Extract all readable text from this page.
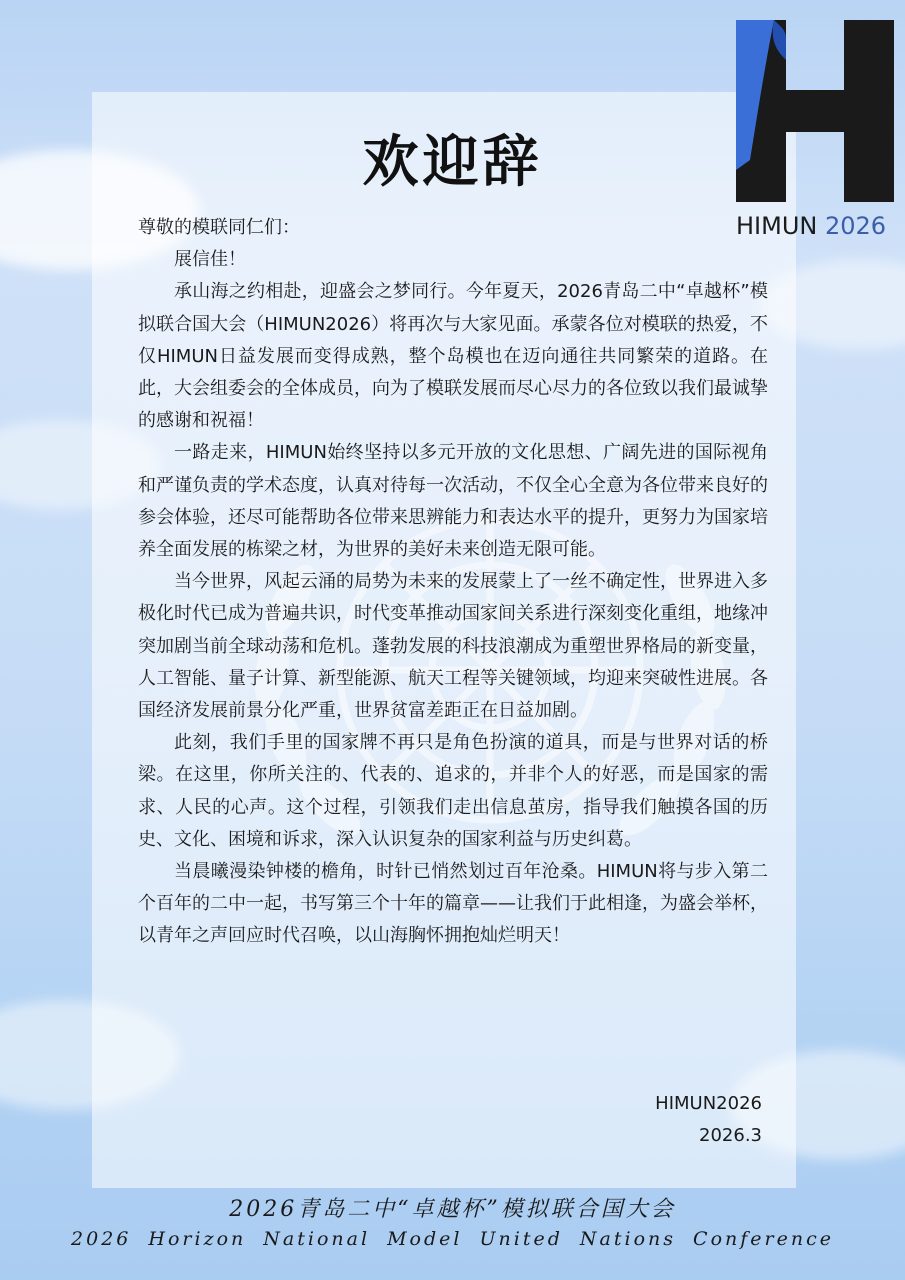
HIMUN 2026
欢迎辞

尊敬的模联同仁们：

展信佳！

承山海之约相赴，迎盛会之梦同行。今年夏天，2026青岛二中“卓越杯”模拟联合国大会（HIMUN2026）将再次与大家见面。承蒙各位对模联的热爱，不仅HIMUN日益发展而变得成熟，整个岛模也在迈向通往共同繁荣的道路。在此，大会组委会的全体成员，向为了模联发展而尽心尽力的各位致以我们最诚挚的感谢和祝福！

一路走来，HIMUN始终坚持以多元开放的文化思想、广阔先进的国际视角和严谨负责的学术态度，认真对待每一次活动，不仅全心全意为各位带来良好的参会体验，还尽可能帮助各位带来思辨能力和表达水平的提升，更努力为国家培养全面发展的栋梁之材，为世界的美好未来创造无限可能。

当今世界，风起云涌的局势为未来的发展蒙上了一丝不确定性，世界进入多极化时代已成为普遍共识，时代变革推动国家间关系进行深刻变化重组，地缘冲突加剧当前全球动荡和危机。蓬勃发展的科技浪潮成为重塑世界格局的新变量，人工智能、量子计算、新型能源、航天工程等关键领域，均迎来突破性进展。各国经济发展前景分化严重，世界贫富差距正在日益加剧。

此刻，我们手里的国家牌不再只是角色扮演的道具，而是与世界对话的桥梁。在这里，你所关注的、代表的、追求的，并非个人的好恶，而是国家的需求、人民的心声。这个过程，引领我们走出信息茧房，指导我们触摸各国的历史、文化、困境和诉求，深入认识复杂的国家利益与历史纠葛。

当晨曦漫染钟楼的檐角，时针已悄然划过百年沧桑。HIMUN将与步入第二个百年的二中一起，书写第三个十年的篇章——让我们于此相逢，为盛会举杯，以青年之声回应时代召唤，以山海胸怀拥抱灿烂明天！

HIMUN2026
2026.3
2026青岛二中“卓越杯”模拟联合国大会
2026 Horizon National Model United Nations Conference
